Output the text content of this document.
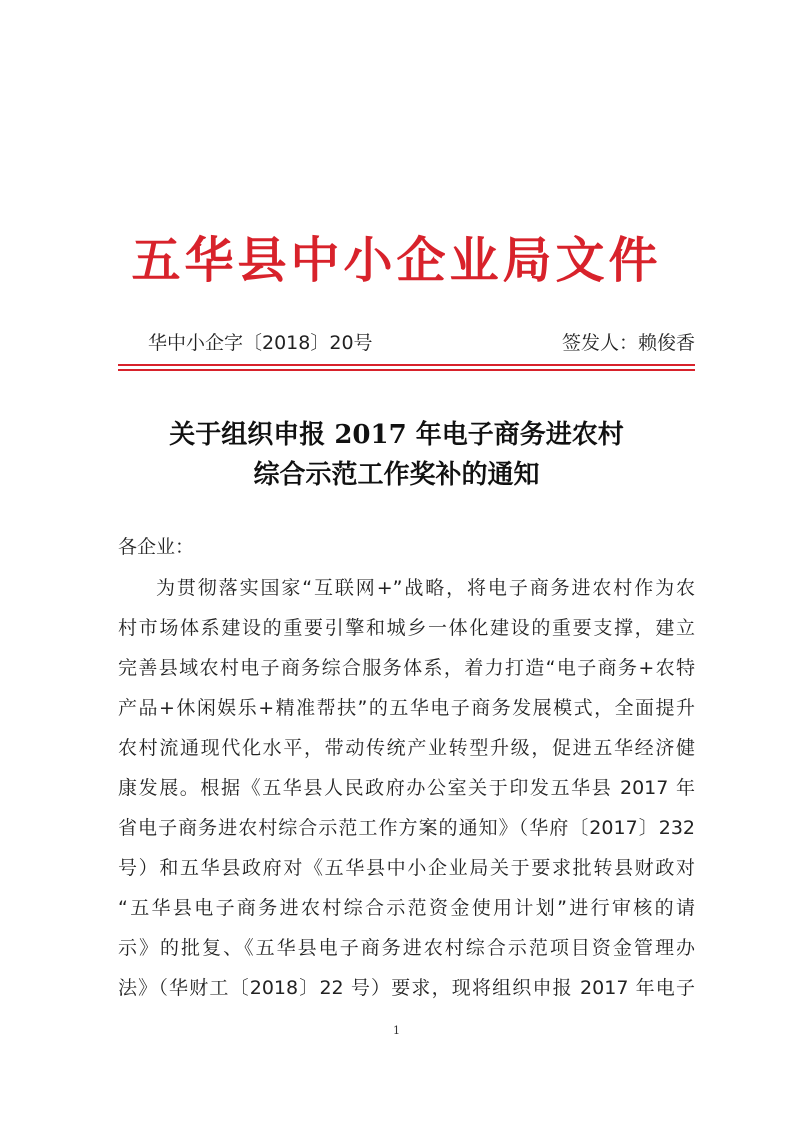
五华县中小企业局文件
华中小企字〔2018〕20号	签发人：赖俊香
关于组织申报 2017 年电子商务进农村
综合示范工作奖补的通知
各企业：
为贯彻落实国家“互联网+”战略，将电子商务进农村作为农
村市场体系建设的重要引擎和城乡一体化建设的重要支撑，建立
完善县域农村电子商务综合服务体系，着力打造“电子商务+农特
产品+休闲娱乐+精准帮扶”的五华电子商务发展模式，全面提升
农村流通现代化水平，带动传统产业转型升级，促进五华经济健
康发展。根据《五华县人民政府办公室关于印发五华县 2017 年
省电子商务进农村综合示范工作方案的通知》（华府〔2017〕232
号）和五华县政府对《五华县中小企业局关于要求批转县财政对
“五华县电子商务进农村综合示范资金使用计划”进行审核的请
示》的批复、《五华县电子商务进农村综合示范项目资金管理办
法》（华财工〔2018〕22 号）要求，现将组织申报 2017 年电子
1
